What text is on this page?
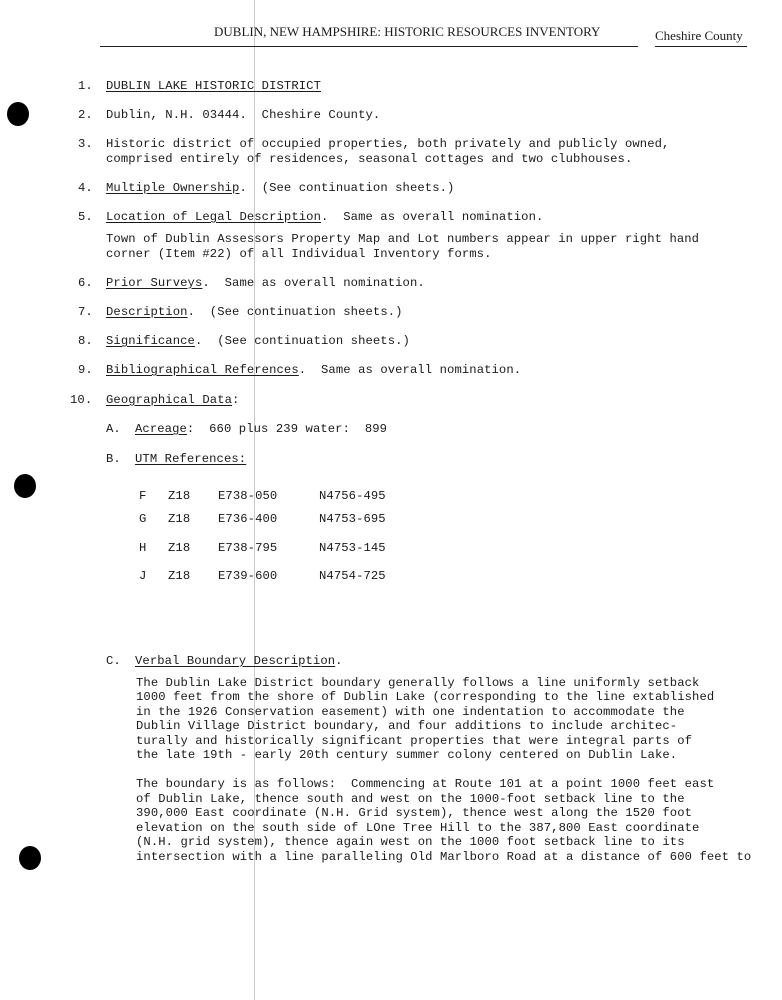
DUBLIN, NEW HAMPSHIRE: HISTORIC RESOURCES INVENTORY	Cheshire County
1. DUBLIN LAKE HISTORIC DISTRICT
2. Dublin, N.H. 03444.  Cheshire County.
3. Historic district of occupied properties, both privately and publicly owned,
comprised entirely of residences, seasonal cottages and two clubhouses.
4. Multiple Ownership.  (See continuation sheets.)
5. Location of Legal Description.  Same as overall nomination.
Town of Dublin Assessors Property Map and Lot numbers appear in upper right hand
corner (Item #22) of all Individual Inventory forms.
6. Prior Surveys.  Same as overall nomination.
7. Description.  (See continuation sheets.)
8. Significance.  (See continuation sheets.)
9. Bibliographical References.  Same as overall nomination.
10. Geographical Data:
A. Acreage:  660 plus 239 water:  899
B. UTM References:
F Z18 E738-050	N4756-495
G Z18 E736-400	N4753-695
H Z18 E738-795	N4753-145
J Z18 E739-600	N4754-725
C. Verbal Boundary Description.
The Dublin Lake District boundary generally follows a line uniformly setback
1000 feet from the shore of Dublin Lake (corresponding to the line extablished
in the 1926 Conservation easement) with one indentation to accommodate the
Dublin Village District boundary, and four additions to include architec-
turally and historically significant properties that were integral parts of
the late 19th - early 20th century summer colony centered on Dublin Lake.
The boundary is as follows:  Commencing at Route 101 at a point 1000 feet east
of Dublin Lake, thence south and west on the 1000-foot setback line to the
390,000 East coordinate (N.H. Grid system), thence west along the 1520 foot
elevation on the south side of LOne Tree Hill to the 387,800 East coordinate
(N.H. grid system), thence again west on the 1000 foot setback line to its
intersection with a line paralleling Old Marlboro Road at a distance of 600 feet to
